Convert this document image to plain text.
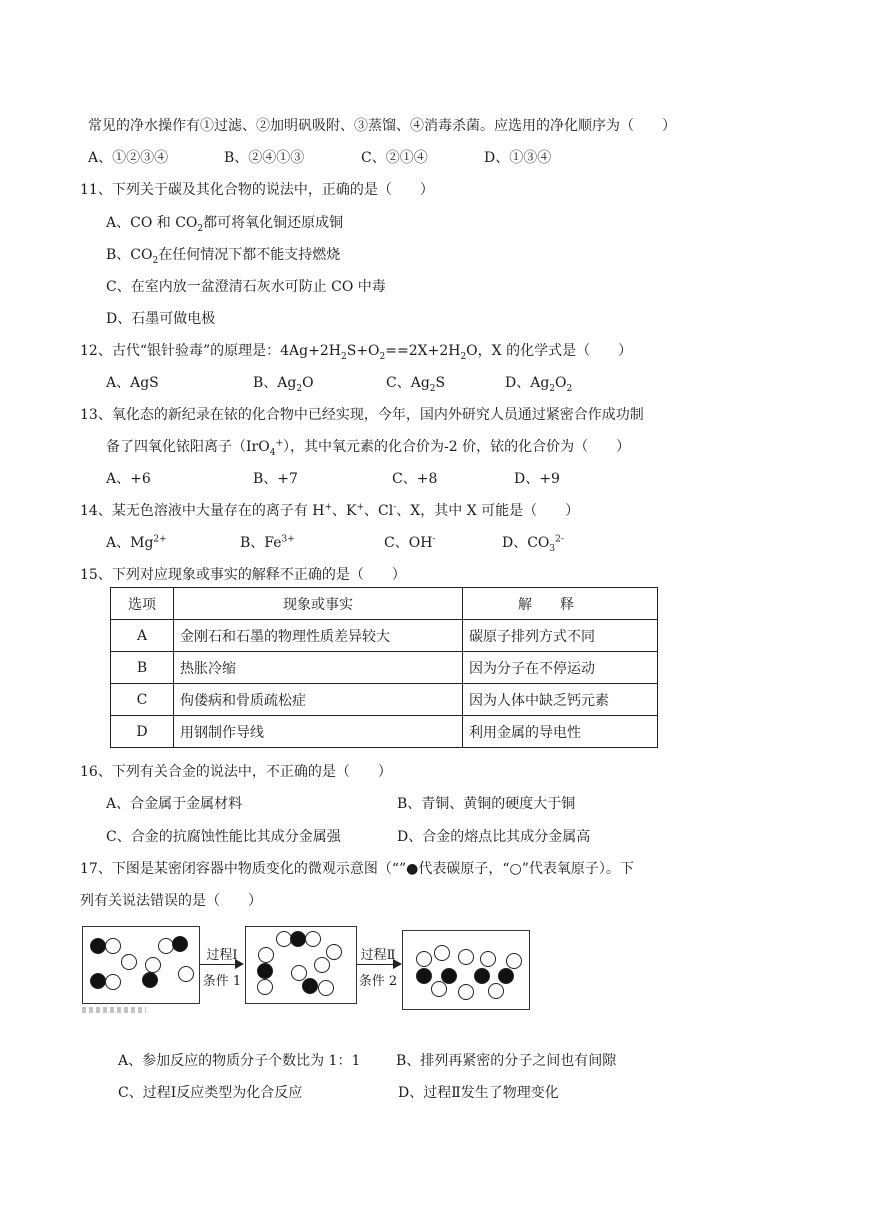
常见的净水操作有①过滤、②加明矾吸附、③蒸馏、④消毒杀菌。应选用的净化顺序为（　　）
A、①②③④	B、②④①③	C、②①④	D、①③④
11、下列关于碳及其化合物的说法中，正确的是（　　）
A、CO 和 $CO_2$都可将氧化铜还原成铜
B、$CO_2$在任何情况下都不能支持燃烧
C、在室内放一盆澄清石灰水可防止 CO 中毒
D、石墨可做电极
12、古代“银针验毒”的原理是：$4Ag+2H_2S+O_2==2X+2H_2O$，X 的化学式是（　　）
A、AgS	B、$Ag_2O$	C、$Ag_2S$	D、$Ag_2O_2$
13、氧化态的新纪录在铱的化合物中已经实现，今年，国内外研究人员通过紧密合作成功制
备了四氧化铱阳离子（IrO$_4$+），其中氧元素的化合价为-2 价，铱的化合价为（　　）
A、+6	B、+7	C、+8	D、+9
14、某无色溶液中大量存在的离子有 H+、K+、Cl-、X，其中 X 可能是（　　）
A、$Mg^{2+}$	B、$Fe^{3+}$	C、OH-	D、$CO_3^{2-}$
15、下列对应现象或事实的解释不正确的是（　　）
选项	现象或事实	解释
A	金刚石和石墨的物理性质差异较大	碳原子排列方式不同
B	热胀冷缩	因为分子在不停运动
C	佝偻病和骨质疏松症	因为人体中缺乏钙元素
D	用钢制作导线	利用金属的导电性
16、下列有关合金的说法中，不正确的是（　　）
A、合金属于金属材料	B、青铜、黄铜的硬度大于铜
C、合金的抗腐蚀性能比其成分金属强	D、合金的熔点比其成分金属高
17、下图是某密闭容器中物质变化的微观示意图（“”●代表碳原子，“○”代表氧原子）。下
列有关说法错误的是（　　）
过程Ⅰ
条件 1
过程Ⅱ
条件 2
A、参加反应的物质分子个数比为 1：1	B、排列再紧密的分子之间也有间隙
C、过程Ⅰ反应类型为化合反应	D、过程Ⅱ发生了物理变化
